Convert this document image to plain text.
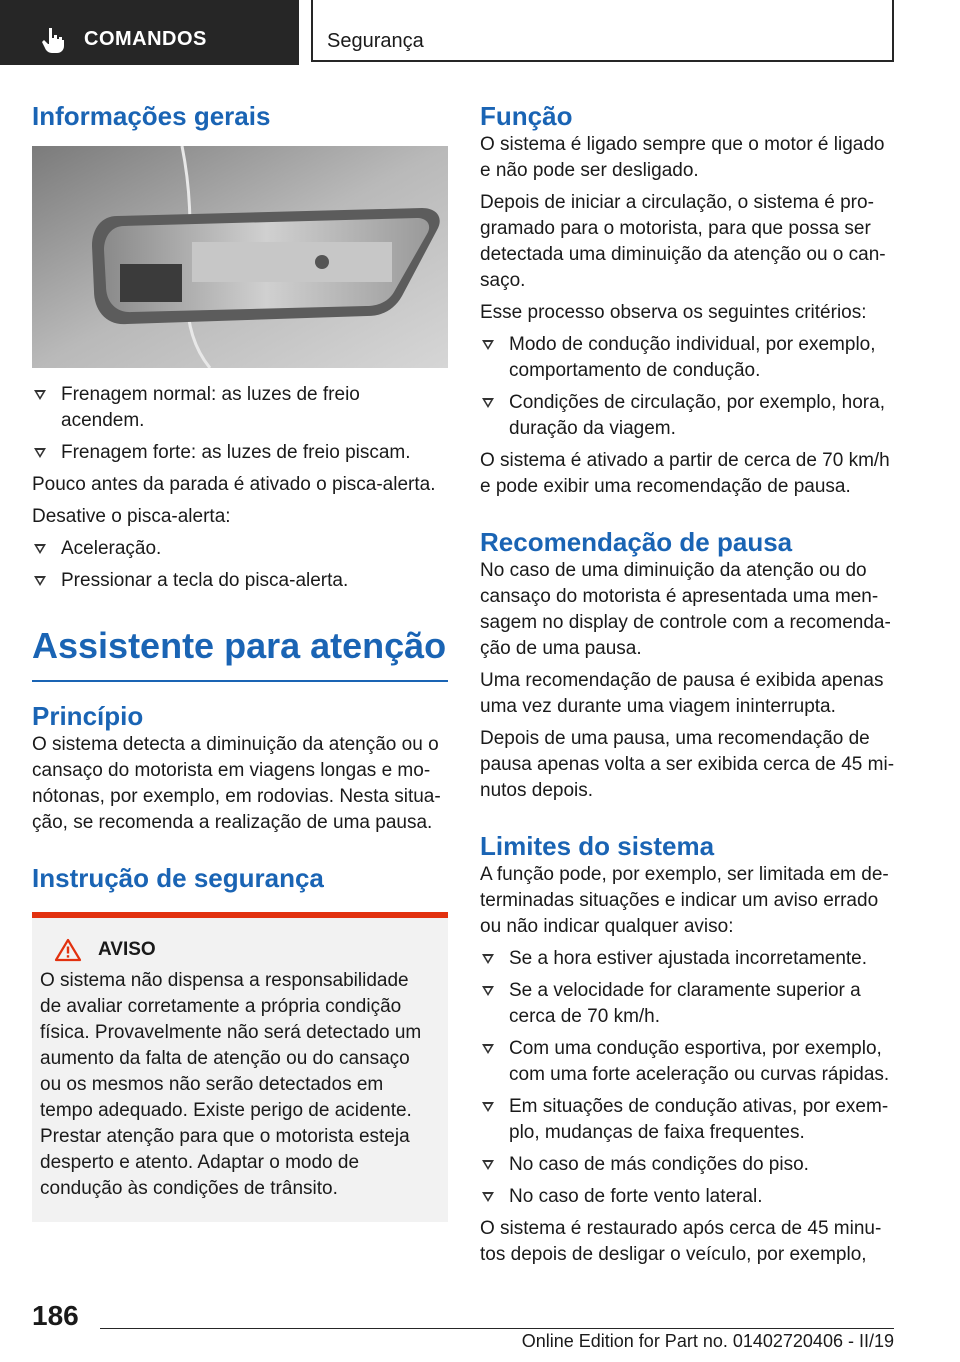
COMANDOS	Segurança
Informações gerais
Frenagem normal: as luzes de freio acendem.
Frenagem forte: as luzes de freio piscam.

Pouco antes da parada é ativado o pisca-alerta.

Desative o pisca-alerta:

Aceleração.
Pressionar a tecla do pisca-alerta.
Assistente para atenção
Princípio

O sistema detecta a diminuição da atenção ou o cansaço do motorista em viagens longas e monótonas, por exemplo, em rodovias. Nesta situação, se recomenda a realização de uma pausa.

Instrução de segurança
AVISO

O sistema não dispensa a responsabilidade de avaliar corretamente a própria condição física. Provavelmente não será detectado um aumento da falta de atenção ou do cansaço ou os mesmos não serão detectados em tempo adequado. Existe perigo de acidente. Prestar atenção para que o motorista esteja desperto e atento. Adaptar o modo de condução às condições de trânsito.

Função

O sistema é ligado sempre que o motor é ligado e não pode ser desligado.

Depois de iniciar a circulação, o sistema é programado para o motorista, para que possa ser detectada uma diminuição da atenção ou o cansaço.

Esse processo observa os seguintes critérios:

Modo de condução individual, por exemplo, comportamento de condução.
Condições de circulação, por exemplo, hora, duração da viagem.

O sistema é ativado a partir de cerca de 70 km/h e pode exibir uma recomendação de pausa.

Recomendação de pausa

No caso de uma diminuição da atenção ou do cansaço do motorista é apresentada uma mensagem no display de controle com a recomendação de uma pausa.

Uma recomendação de pausa é exibida apenas uma vez durante uma viagem ininterrupta.

Depois de uma pausa, uma recomendação de pausa apenas volta a ser exibida cerca de 45 minutos depois.

Limites do sistema

A função pode, por exemplo, ser limitada em determinadas situações e indicar um aviso errado ou não indicar qualquer aviso:

Se a hora estiver ajustada incorretamente.
Se a velocidade for claramente superior a cerca de 70 km/h.
Com uma condução esportiva, por exemplo, com uma forte aceleração ou curvas rápidas.
Em situações de condução ativas, por exemplo, mudanças de faixa frequentes.
No caso de más condições do piso.
No caso de forte vento lateral.

O sistema é restaurado após cerca de 45 minutos depois de desligar o veículo, por exemplo,

186
Online Edition for Part no. 01402720406 - II/19
